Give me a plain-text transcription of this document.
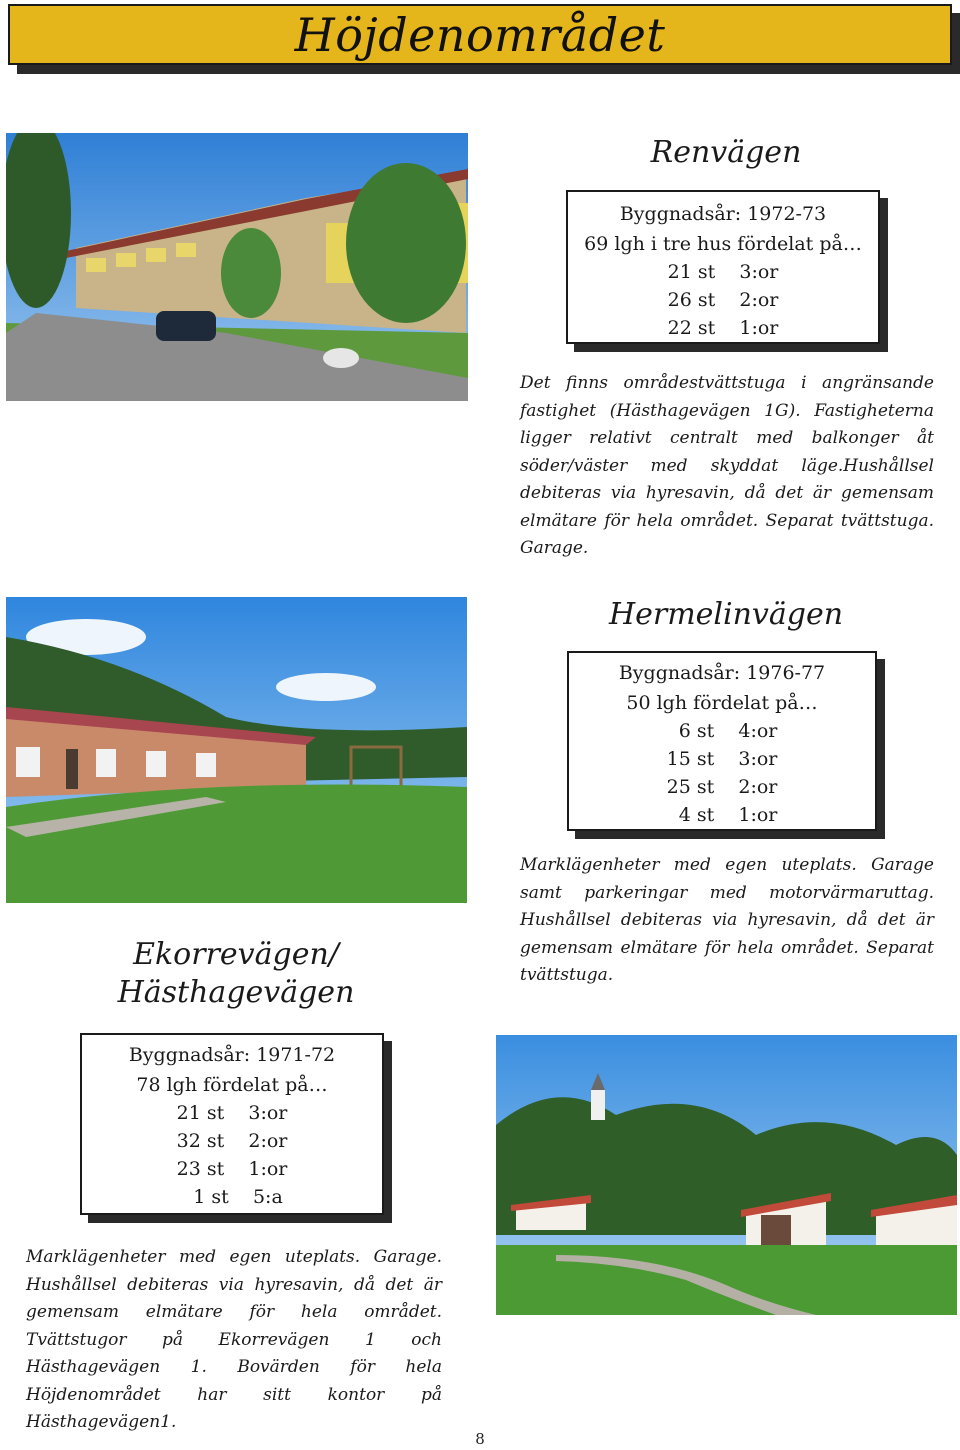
Höjdenområdet
Renvägen
Byggnadsår: 1972-73
69 lgh i tre hus fördelat på…
21 st    3:or
26 st    2:or
22 st    1:or
Det finns områdestvättstuga i angränsande fastighet (Hästhagevägen 1G). Fastigheterna ligger relativt centralt med balkonger åt söder/väster med skyddat läge.Hushållsel debiteras via hyresavin, då det är gemensam elmätare för hela området. Separat tvättstuga. Garage.
Hermelinvägen
Byggnadsår: 1976-77
50 lgh fördelat på…
6 st    4:or
15 st    3:or
25 st    2:or
4 st    1:or
Marklägenheter med egen uteplats. Garage samt parkeringar med motorvärmaruttag. Hushållsel debiteras via hyresavin, då det är gemensam elmätare för hela området. Separat tvättstuga.
Ekorrevägen/
Hästhagevägen
Byggnadsår: 1971-72
78 lgh fördelat på…
21 st    3:or
32 st    2:or
23 st    1:or
1 st    5:a
Marklägenheter med egen uteplats. Garage. Hushållsel debiteras via hyresavin, då det är gemensam elmätare för hela området. Tvättstugor på Ekorrevägen 1 och Hästhagevägen 1. Bovärden för hela Höjdenområdet har sitt kontor på Hästhagevägen1.
8
